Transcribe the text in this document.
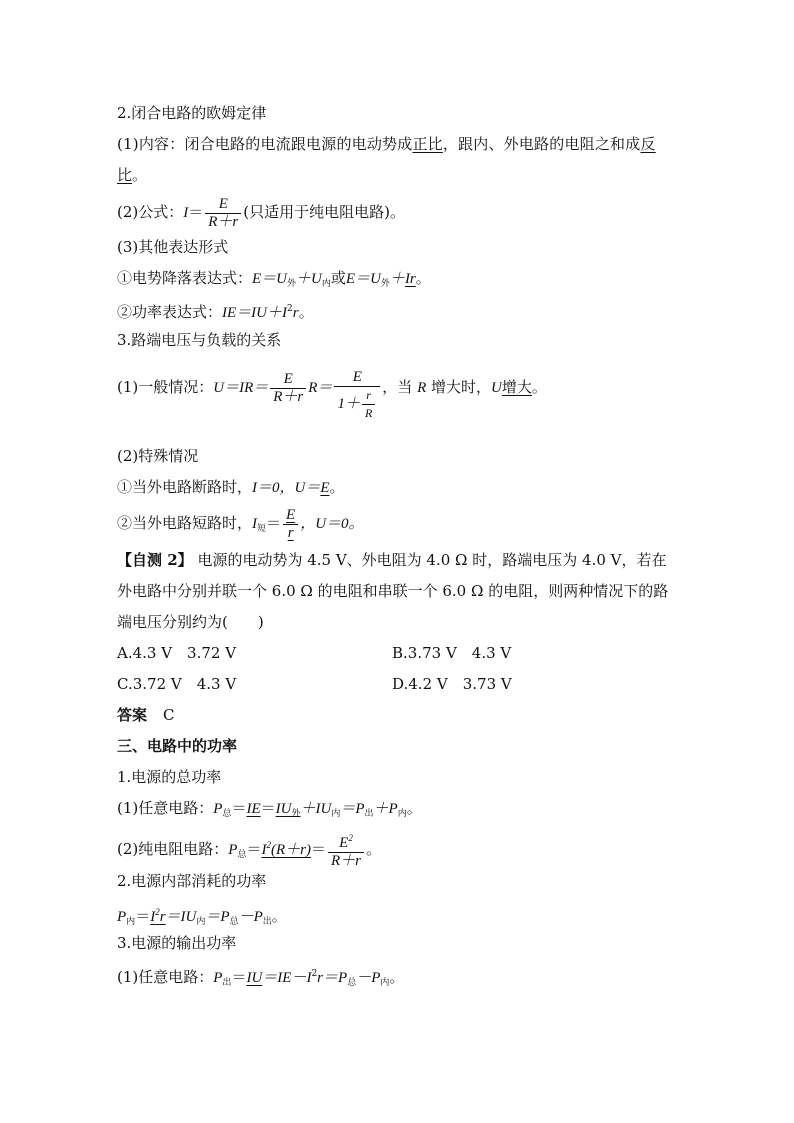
2.闭合电路的欧姆定律
(1)内容：闭合电路的电流跟电源的电动势成正比，跟内、外电路的电阻之和成反
比。
(2)公式：$I= \frac{E}{R+r}$ (只适用于纯电阻电路)。
(3)其他表达形式
①电势降落表达式：$E=U_外+U_内$或$E=U_外+Ir$。
②功率表达式：$IE=IU+I^2r$。
3.路端电压与负载的关系
(1)一般情况：$U=IR= \frac{E}{R+r} R= \frac{E}{1+ \frac{r}{R}}$ ，当 R 增大时，U增大。
(2)特殊情况
①当外电路断路时，I＝0，U＝E。
②当外电路短路时，$I_短= \frac{E}{r}$ ，U＝0。
【自测 2】 电源的电动势为 4.5 V、外电阻为 4.0 Ω 时，路端电压为 4.0 V，若在
外电路中分别并联一个 6.0 Ω 的电阻和串联一个 6.0 Ω 的电阻，则两种情况下的路
端电压分别约为(　　)
A.4.3 V　3.72 V	B.3.73 V　4.3 V
C.3.72 V　4.3 V	D.4.2 V　3.73 V
答案 C
三、电路中的功率
1.电源的总功率
(1)任意电路：$P_总=IE=IU_外+IU_内=P_出+P_内$。
(2)纯电阻电路：$P_总=I^2(R+r)= \frac{E^2}{R+r}$ 。
2.电源内部消耗的功率
$P_内=I^2r=IU_内=P_总-P_出$。
3.电源的输出功率
(1)任意电路：$P_出=IU=IE-I^2r=P_总-P_内$。
